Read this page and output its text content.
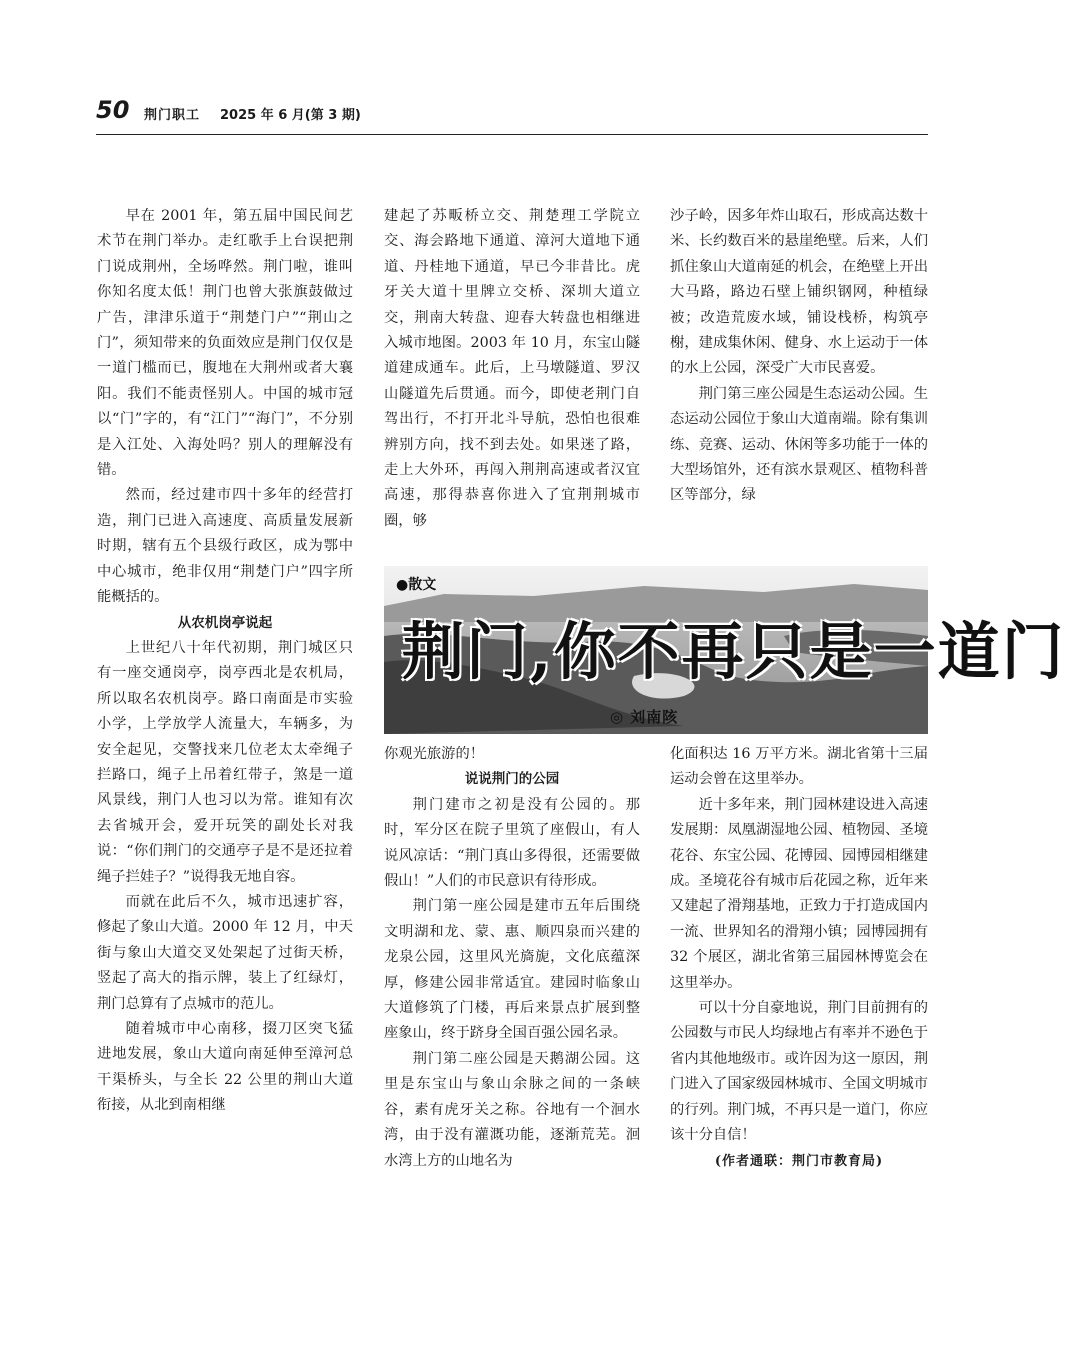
50 荆门职工 2025 年 6 月(第 3 期)

早在 2001 年，第五届中国民间艺术节在荆门举办。走红歌手上台误把荆门说成荆州，全场哗然。荆门啦，谁叫你知名度太低！荆门也曾大张旗鼓做过广告，津津乐道于“荆楚门户”“荆山之门”，须知带来的负面效应是荆门仅仅是一道门槛而已，腹地在大荆州或者大襄阳。我们不能责怪别人。中国的城市冠以“门”字的，有“江门”“海门”，不分别是入江处、入海处吗？别人的理解没有错。

然而，经过建市四十多年的经营打造，荆门已进入高速度、高质量发展新时期，辖有五个县级行政区，成为鄂中中心城市，绝非仅用“荆楚门户”四字所能概括的。

从农机岗亭说起

上世纪八十年代初期，荆门城区只有一座交通岗亭，岗亭西北是农机局，所以取名农机岗亭。路口南面是市实验小学，上学放学人流量大，车辆多，为安全起见，交警找来几位老太太牵绳子拦路口，绳子上吊着红带子，煞是一道风景线，荆门人也习以为常。谁知有次去省城开会，爱开玩笑的副处长对我说：“你们荆门的交通亭子是不是还拉着绳子拦娃子？”说得我无地自容。

而就在此后不久，城市迅速扩容，修起了象山大道。2000 年 12 月，中天街与象山大道交叉处架起了过街天桥，竖起了高大的指示牌，装上了红绿灯，荆门总算有了点城市的范儿。

随着城市中心南移，掇刀区突飞猛进地发展，象山大道向南延伸至漳河总干渠桥头，与全长 22 公里的荆山大道衔接，从北到南相继

建起了苏畈桥立交、荆楚理工学院立交、海会路地下通道、漳河大道地下通道、丹桂地下通道，早已今非昔比。虎牙关大道十里牌立交桥、深圳大道立交，荆南大转盘、迎春大转盘也相继进入城市地图。2003 年 10 月，东宝山隧道建成通车。此后，上马墩隧道、罗汉山隧道先后贯通。而今，即使老荆门自驾出行，不打开北斗导航，恐怕也很难辨别方向，找不到去处。如果迷了路，走上大外环，再闯入荆荆高速或者汉宜高速，那得恭喜你进入了宜荆荆城市圈，够

沙子岭，因多年炸山取石，形成高达数十米、长约数百米的悬崖绝壁。后来，人们抓住象山大道南延的机会，在绝壁上开出大马路，路边石壁上铺织钢网，种植绿被；改造荒废水域，铺设栈桥，构筑亭榭，建成集休闲、健身、水上运动于一体的水上公园，深受广大市民喜爱。

荆门第三座公园是生态运动公园。生态运动公园位于象山大道南端。除有集训练、竞赛、运动、休闲等多功能于一体的大型场馆外，还有滨水景观区、植物科普区等部分，绿

●散文
荆门,你不再只是一道门
◎ 刘南陔

你观光旅游的！

说说荆门的公园

荆门建市之初是没有公园的。那时，军分区在院子里筑了座假山，有人说风凉话：“荆门真山多得很，还需要做假山！”人们的市民意识有待形成。

荆门第一座公园是建市五年后围绕文明湖和龙、蒙、惠、顺四泉而兴建的龙泉公园，这里风光旖旎，文化底蕴深厚，修建公园非常适宜。建园时临象山大道修筑了门楼，再后来景点扩展到整座象山，终于跻身全国百强公园名录。

荆门第二座公园是天鹅湖公园。这里是东宝山与象山余脉之间的一条峡谷，素有虎牙关之称。谷地有一个洄水湾，由于没有灌溉功能，逐渐荒芜。洄水湾上方的山地名为

化面积达 16 万平方米。湖北省第十三届运动会曾在这里举办。

近十多年来，荆门园林建设进入高速发展期：凤凰湖湿地公园、植物园、圣境花谷、东宝公园、花博园、园博园相继建成。圣境花谷有城市后花园之称，近年来又建起了滑翔基地，正致力于打造成国内一流、世界知名的滑翔小镇；园博园拥有 32 个展区，湖北省第三届园林博览会在这里举办。

可以十分自豪地说，荆门目前拥有的公园数与市民人均绿地占有率并不逊色于省内其他地级市。或许因为这一原因，荆门进入了国家级园林城市、全国文明城市的行列。荆门城，不再只是一道门，你应该十分自信！

(作者通联：荆门市教育局)
